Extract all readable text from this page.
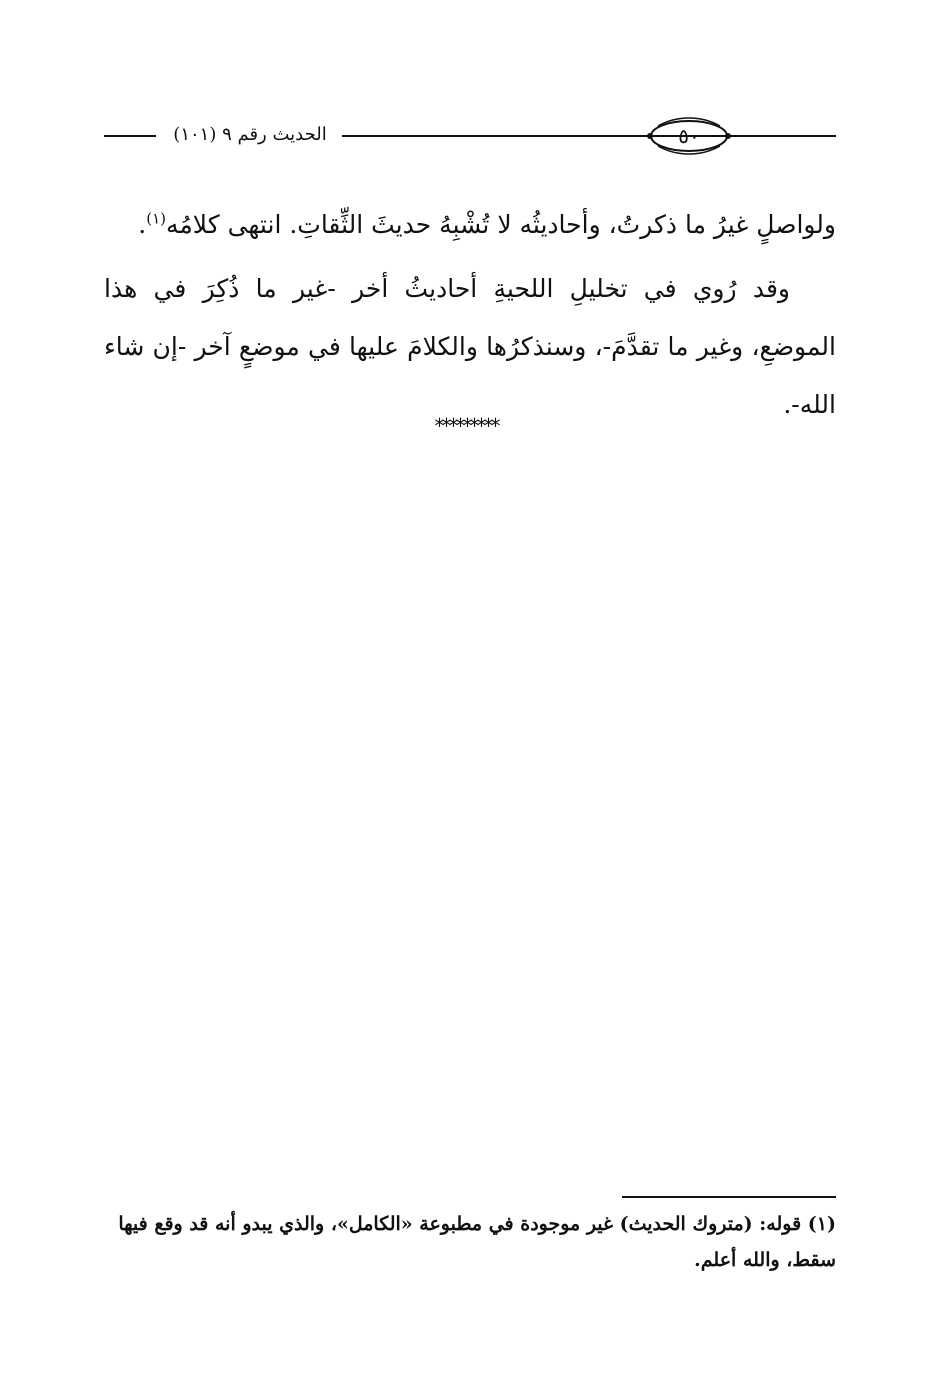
الحديث رقم ٩ (١٠١)	٥٠

ولواصلٍ غيرُ ما ذكرتُ، وأحاديثُه لا تُشْبِهُ حديثَ الثِّقاتِ. انتهى كلامُه$^{(١)}$.

وقد رُوي في تخليلِ اللحيةِ أحاديثُ أخر -غير ما ذُكِرَ في هذا الموضعِ، وغير ما تقدَّمَ-، وسنذكرُها والكلامَ عليها في موضعٍ آخر -إن شاء الله-.

*********
(١) قوله: (متروك الحديث) غير موجودة في مطبوعة «الكامل»، والذي يبدو أنه قد وقع فيها سقط، والله أعلم.
